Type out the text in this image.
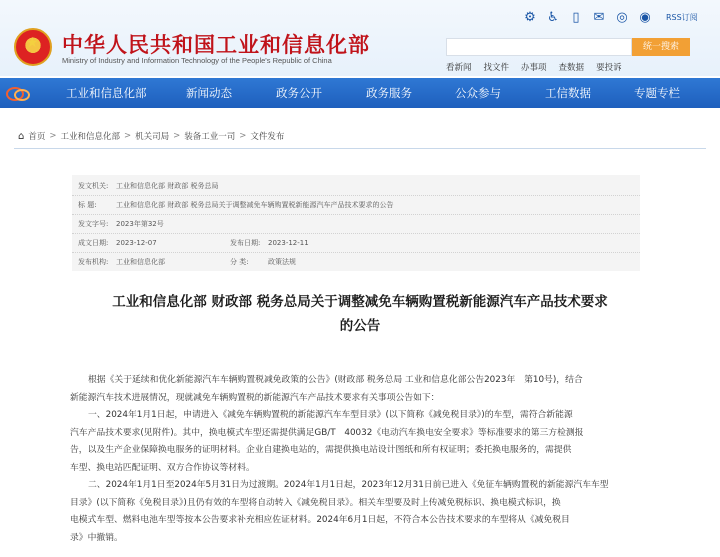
★
中华人民共和国工业和信息化部
Ministry of Industry and Information Technology of the People's Republic of China
⚙ ♿	▯	✉ ◎ ◉ RSS订阅
统一搜索
看新闻 找文件 办事项 查数据 要投诉
工业和信息化部	新闻动态	政务公开	政务服务	公众参与	工信数据	专题专栏
⌂ 首页 > 工业和信息化部 > 机关司局 > 装备工业一司 > 文件发布
发文机关: 工业和信息化部 财政部 税务总局
标 题:	工业和信息化部 财政部 税务总局关于调整减免车辆购置税新能源汽车产品技术要求的公告
发文字号: 2023年第32号
成文日期: 2023-12-07	发布日期: 2023-12-11
发布机构: 工业和信息化部	分 类:	政策法规
工业和信息化部 财政部 税务总局关于调整减免车辆购置税新能源汽车产品技术要求
的公告
根据《关于延续和优化新能源汽车车辆购置税减免政策的公告》(财政部 税务总局 工业和信息化部公告2023年　第10号)，结合
新能源汽车技术进展情况，现就减免车辆购置税的新能源汽车产品技术要求有关事项公告如下：
一、2024年1月1日起，申请进入《减免车辆购置税的新能源汽车车型目录》(以下简称《减免税目录》)的车型，需符合新能源
汽车产品技术要求(见附件)。其中，换电模式车型还需提供满足GB/T　40032《电动汽车换电安全要求》等标准要求的第三方检测报
告，以及生产企业保障换电服务的证明材料。企业自建换电站的，需提供换电站设计图纸和所有权证明；委托换电服务的，需提供
车型、换电站匹配证明、双方合作协议等材料。
二、2024年1月1日至2024年5月31日为过渡期。2024年1月1日起，2023年12月31日前已进入《免征车辆购置税的新能源汽车车型
目录》(以下简称《免税目录》)且仍有效的车型将自动转入《减免税目录》。相关车型要及时上传减免税标识、换电模式标识，换
电模式车型、燃料电池车型等按本公告要求补充相应佐证材料。2024年6月1日起，不符合本公告技术要求的车型将从《减免税目
录》中撤销。
